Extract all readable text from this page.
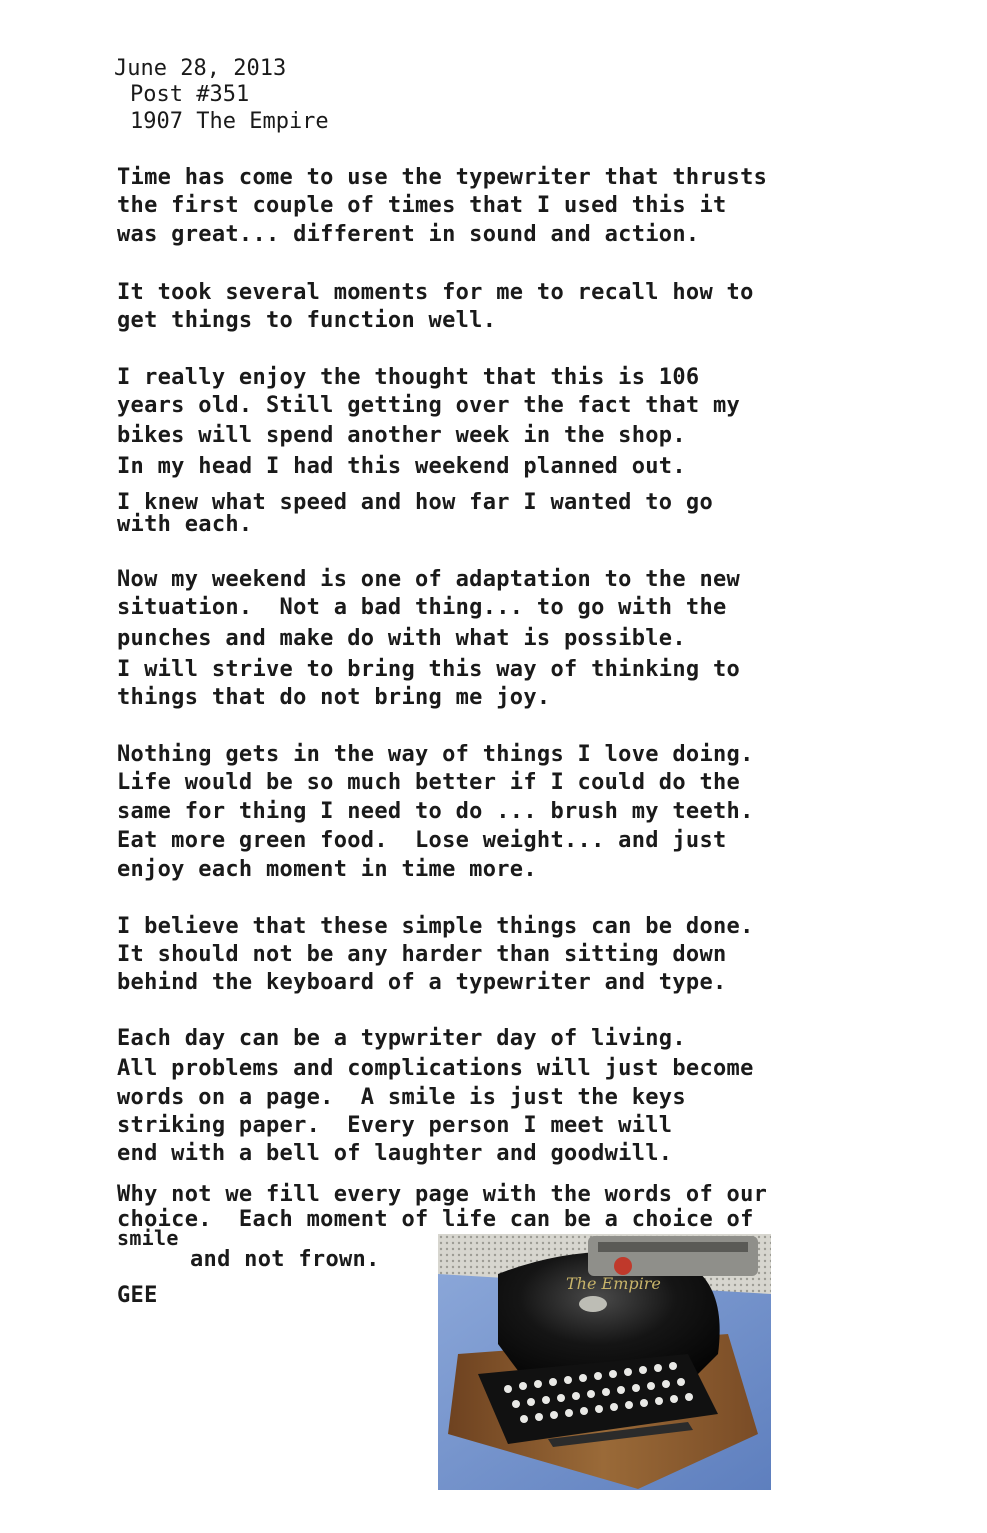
June 28, 2013
Post #351
1907 The Empire
Time has come to use the typewriter that thrusts
the first couple of times that I used this it
was great... different in sound and action.
It took several moments for me to recall how to
get things to function well.
I really enjoy the thought that this is 106
years old. Still getting over the fact that my
bikes will spend another week in the shop.
In my head I had this weekend planned out.
I knew what speed and how far I wanted to go
with each.
Now my weekend is one of adaptation to the new
situation.  Not a bad thing... to go with the
punches and make do with what is possible.
I will strive to bring this way of thinking to
things that do not bring me joy.
Nothing gets in the way of things I love doing.
Life would be so much better if I could do the
same for thing I need to do ... brush my teeth.
Eat more green food.  Lose weight... and just
enjoy each moment in time more.
I believe that these simple things can be done.
It should not be any harder than sitting down
behind the keyboard of a typewriter and type.
Each day can be a typwriter day of living.
All problems and complications will just become
words on a page.  A smile is just the keys
striking paper.  Every person I meet will
end with a bell of laughter and goodwill.
Why not we fill every page with the words of our
choice.  Each moment of life can be a choice of
smile
and not frown.
GEE	The Empire
